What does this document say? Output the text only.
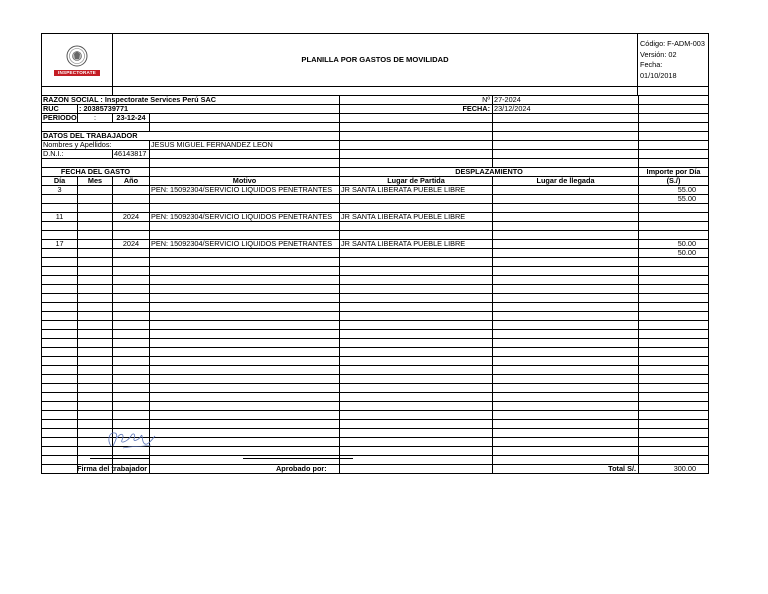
INSPECTORATE	PLANILLA POR GASTOS DE MOVILIDAD	Código: F-ADM-003
Versión: 02
Fecha:
01/10/2018

RAZON SOCIAL : Inspectorate Services Perú SAC				Nº	27-2024	
RUC	: 20385739771			FECHA:	23/12/2024	
PERIODO	:	23-12-24				

DATOS DEL TRABAJADOR						
Nombres y Apellidos:			JESUS MIGUEL FERNANDEZ LEON			
D.N.I.:		46143817				

FECHA DEL GASTO				DESPLAZAMIENTO		Importe por Día
Día	Mes	Año	Motivo	Lugar de Partida	Lugar de llegada	(S./)
3			PEN: 15092304/SERVICIO LIQUIDOS PENETRANTES	JR SANTA LIBERATA PUEBLE LIBRE		55.00
						55.00

11		2024	PEN: 15092304/SERVICIO LIQUIDOS PENETRANTES	JR SANTA LIBERATA PUEBLE LIBRE		

17		2024	PEN: 15092304/SERVICIO LIQUIDOS PENETRANTES	JR SANTA LIBERATA PUEBLE LIBRE		50.00
						50.00

					Total S/.	300.00
Firma del trabajador	Aprobado por:
